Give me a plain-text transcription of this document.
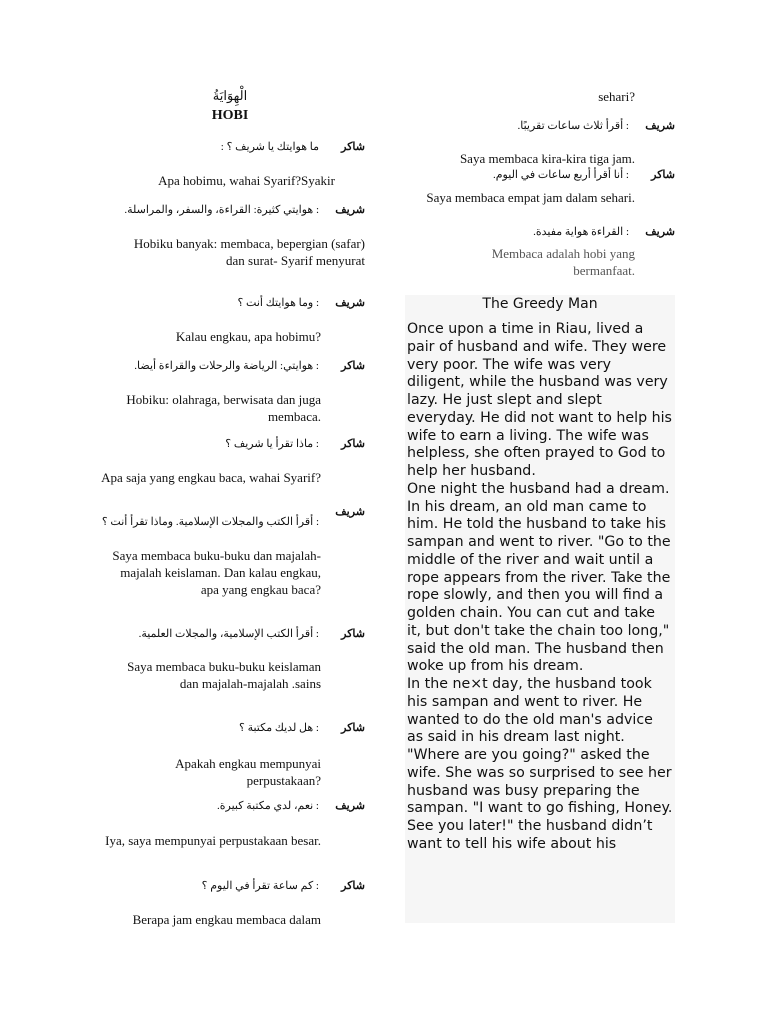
الْهِوَايَةُ
HOBI
شاكر
ما هوايتك يا شريف ؟ :
Apa hobimu, wahai Syarif?Syakir
شريف
: هوايتي كثيرة: القراءة، والسفر، والمراسلة.
Hobiku banyak: membaca, bepergian (safar) dan surat- Syarif menyurat
شريف
: وما هوايتك أنت ؟
Kalau engkau, apa hobimu?
شاكر
: هوايتي: الرياضة والرحلات والقراءة أيضا.
Hobiku: olahraga, berwisata dan juga membaca.
شاكر
: ماذا تقرأ يا شريف ؟
Apa saja yang engkau baca, wahai Syarif?
شريف
: أقرأ الكتب والمجلات الإسلامية. وماذا تقرأ أنت ؟
Saya membaca buku-buku dan majalah-majalah keislaman. Dan kalau engkau, apa yang engkau baca?
شاكر
: أقرأ الكتب الإسلامية، والمجلات العلمية.
Saya membaca buku-buku keislaman dan majalah-majalah .sains
شاكر
: هل لديك مكتبة ؟
Apakah engkau mempunyai perpustakaan?
شريف
: نعم، لدي مكتبة كبيرة.
Iya, saya mempunyai perpustakaan besar.
شاكر
: كم ساعة تقرأ في اليوم ؟
Berapa jam engkau membaca dalam
sehari?
شريف
: أقرأ ثلاث ساعات تقريبًا.
Saya membaca kira-kira tiga jam.
شاكر
: أنا أقرأ أربع ساعات في اليوم.
Saya membaca empat jam dalam sehari.
شريف
: القراءة هواية مفيدة.
Membaca adalah hobi yang bermanfaat.
The Greedy Man

Once upon a time in Riau, lived a pair of husband and wife. They were very poor. The wife was very diligent, while the husband was very lazy. He just slept and slept everyday. He did not want to help his wife to earn a living. The wife was helpless, she often prayed to God to help her husband.

One night the husband had a dream. In his dream, an old man came to him. He told the husband to take his sampan and went to river. "Go to the middle of the river and wait until a rope appears from the river. Take the rope slowly, and then you will find a golden chain. You can cut and take it, but don't take the chain too long," said the old man. The husband then woke up from his dream.

In the ne×t day, the husband took his sampan and went to river. He wanted to do the old man's advice as said in his dream last night. "Where are you going?" asked the wife. She was so surprised to see her husband was busy preparing the sampan. "I want to go fishing, Honey. See you later!" the husband didn’t want to tell his wife about his
